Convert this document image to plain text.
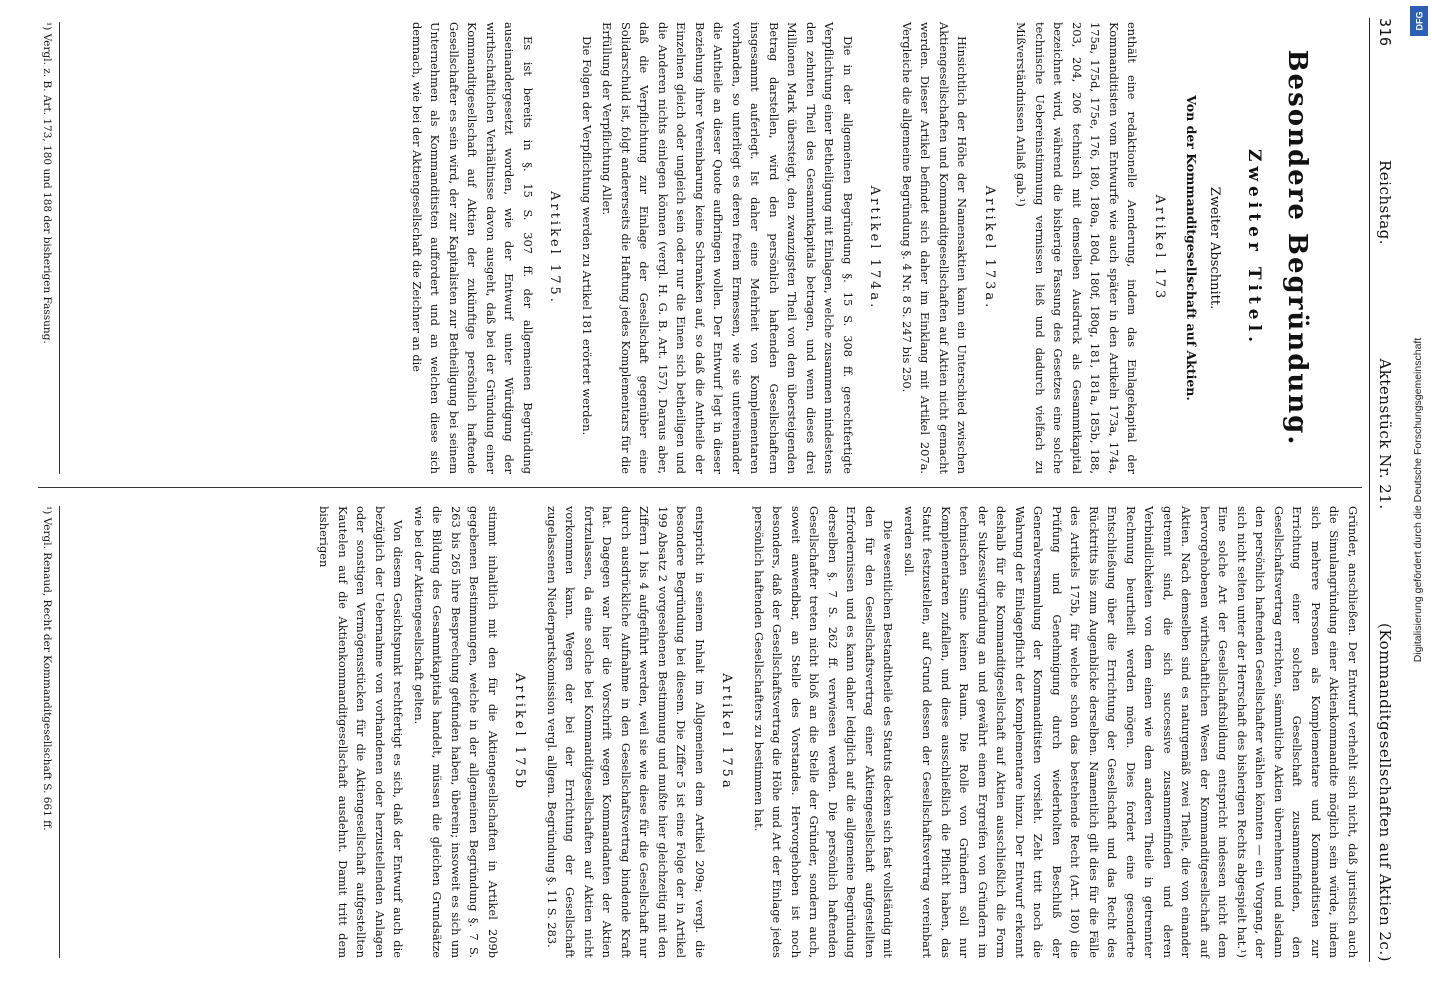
316
Reichstag.
Aktenstück Nr. 21.
(Kommanditgesellschaften auf Aktien 2c.)
Besondere Begründung.
Zweiter Titel.
Zweiter Abschnitt.
Von der Kommanditgesellschaft auf Aktien.
Artikel 173

enthält eine redaktionelle Aenderung, indem das Einlagekapital der Kommanditisten vom Entwurfe wie auch später in den Artikeln 173a, 174a, 175a, 175d, 175e, 176, 180, 180a, 180d, 180f, 180g, 181, 181a, 185b, 188, 203, 204, 206 technisch mit demselben Ausdruck als Gesammtkapital bezeichnet wird, während die bisherige Fassung des Gesetzes eine solche technische Uebereinstimmung vermissen ließ und dadurch vielfach zu Mißverständnissen Anlaß gab.¹)

Artikel 173a.

Hinsichtlich der Höhe der Namensaktien kann ein Unterschied zwischen Aktiengesellschaften und Kommanditgesellschaften auf Aktien nicht gemacht werden. Dieser Artikel befindet sich daher im Einklang mit Artikel 207a. Vergleiche die allgemeine Begründung §. 4 Nr. 8 S. 247 bis 250.

Artikel 174a.

Die in der allgemeinen Begründung §. 15 S. 308 ff. gerechtfertigte Verpflichtung einer Betheiligung mit Einlagen, welche zusammen mindestens den zehnten Theil des Gesammtkapitals betragen, und wenn dieses drei Millionen Mark übersteigt, den zwanzigsten Theil von dem übersteigenden Betrag darstellen, wird den persönlich haftenden Gesellschaftern insgesammt auferlegt. Ist daher eine Mehrheit von Komplementaren vorhanden, so unterliegt es deren freiem Ermessen, wie sie untereinander die Antheile an dieser Quote aufbringen wollen. Der Entwurf legt in dieser Beziehung ihrer Vereinbarung keine Schranken auf, so daß die Antheile der Einzelnen gleich oder ungleich sein oder nur die Einen sich betheiligen und die Anderen nichts einlegen können (vergl. H. G. B. Art. 157). Daraus aber, daß die Verpflichtung zur Einlage der Gesellschaft gegenüber eine Solidarschuld ist, folgt andererseits die Haftung jedes Komplementars für die Erfüllung der Verpflichtung Aller.

Die Folgen der Verpflichtung werden zu Artikel 181 erörtert werden.

Artikel 175.

Es ist bereits in §. 15 S. 307 ff. der allgemeinen Begründung auseinandergesetzt worden, wie der Entwurf unter Würdigung der wirthschaftlichen Verhältnisse davon ausgeht, daß bei der Gründung einer Kommanditgesellschaft auf Aktien der zukünftige persönlich haftende Gesellschafter es sein wird, der zur Kapitalisten zur Betheiligung bei seinem Unternehmen als Kommanditisten auffordert und an welchen diese sich demnach, wie bei der Aktiengesellschaft die Zeichner an die

¹) Vergl. z. B. Art. 173, 180 und 188 der bisherigen Fassung.

Gründer, anschließen. Der Entwurf verhehlt sich nicht, daß juristisch auch die Simulangründung einer Aktienkommandite möglich sein würde, indem sich mehrere Personen als Komplementare und Kommanditisten zur Errichtung einer solchen Gesellschaft zusammenfinden, den Gesellschaftsvertrag errichten, sämmtliche Aktien übernehmen und alsdann den persönlich haftenden Gesellschafter wählen könnten — ein Vorgang, der sich nicht selten unter der Herrschaft des bisherigen Rechts abgespielt hat.¹) Eine solche Art der Gesellschaftsbildung entspricht indessen nicht dem hervorgehobenen wirthschaftlichen Wesen der Kommanditgesellschaft auf Aktien. Nach demselben sind es naturgemäß zwei Theile, die von einander getrennt sind, die sich successive zusammenfinden und deren Verbindlichkeiten von dem einen wie dem anderen Theile in getrennter Rechnung beurtheilt werden mögen. Dies fordert eine gesonderte Entschließung über die Errichtung der Gesellschaft und das Recht des Rücktritts bis zum Augenblicke derselben. Namentlich gilt dies für die Fälle des Artikels 175b, für welche schon das bestehende Recht (Art. 180) die Prüfung und Genehmigung durch wiederholten Beschluß der Generalversammlung der Kommanditisten vorsieht. Zeht tritt noch die Wahrung der Einlagepflicht der Komplementare hinzu. Der Entwurf erkennt deshalb für die Kommanditgesellschaft auf Aktien ausschließlich die Form der Sukzessivgründung an und gewährt einem Ergreifen von Gründern im technischen Sinne keinen Raum. Die Rolle von Gründern soll nur Komplementaren zufallen, und diese ausschließlich die Pflicht haben, das Statut festzustellen, auf Grund dessen der Gesellschaftsvertrag vereinbart werden soll.

Die wesentlichen Bestandtheile des Statuts decken sich fast vollständig mit den für den Gesellschaftsvertrag einer Aktiengesellschaft aufgestellten Erfordernissen und es kann daher lediglich auf die allgemeine Begründung derselben §. 7 S. 262 ff. verwiesen werden. Die persönlich haftenden Gesellschafter treten nicht bloß an die Stelle der Gründer, sondern auch, soweit anwendbar, an Stelle des Vorstandes. Hervorgehoben ist noch besonders, daß der Gesellschaftsvertrag die Höhe und Art der Einlage jedes persönlich haftenden Gesellschafters zu bestimmen hat.

Artikel 175a

entspricht in seinem Inhalt im Allgemeinen dem Artikel 209a; vergl. die besondere Begründung bei diesem. Die Ziffer 5 ist eine Folge der in Artikel 199 Absatz 2 vorgesehenen Bestimmung und mußte hier gleichzeitig mit den Ziffern 1 bis 4 aufgeführt werden, weil sie wie diese für die Gesellschaft nur durch ausdrückliche Aufnahme in den Gesellschaftsvertrag bindende Kraft hat. Dagegen war hier die Vorschrift wegen Kommandanten der Aktien fortzulassen, da eine solche bei Kommanditgesellschaften auf Aktien nicht vorkommen kann. Wegen der bei der Errichtung der Gesellschaft zugelassenen Niederpartskomission vergl. allgem. Begründung §. 11 S. 283.

Artikel 175b

stimmt inhaltlich mit den für die Aktiengesellschaften in Artikel 209b gegebenen Bestimmungen, welche in der allgemeinen Begründung §. 7 S. 263 bis 265 ihre Besprechung gefunden haben, überein; insoweit es sich um die Bildung des Gesammtkapitals handelt, müssen die gleichen Grundsätze wie bei der Aktiengesellschaft gelten.

Von diesem Gesichtspunkt rechtfertigt es sich, daß der Entwurf auch die bezüglich der Uebernahme von vorhandenen oder herzustellenden Anlagen oder sonstigen Vermögensstücken für die Aktiengesellschaft aufgestellten Kautelen auf die Aktienkommanditgesellschaft ausdehnt. Damit tritt dem bisherigen

¹) Vergl. Renaud, Recht der Kommanditgesellschaft S. 661 ff.
Digitalisierung gefördert durch die Deutsche Forschungsgemeinschaft
DFG
